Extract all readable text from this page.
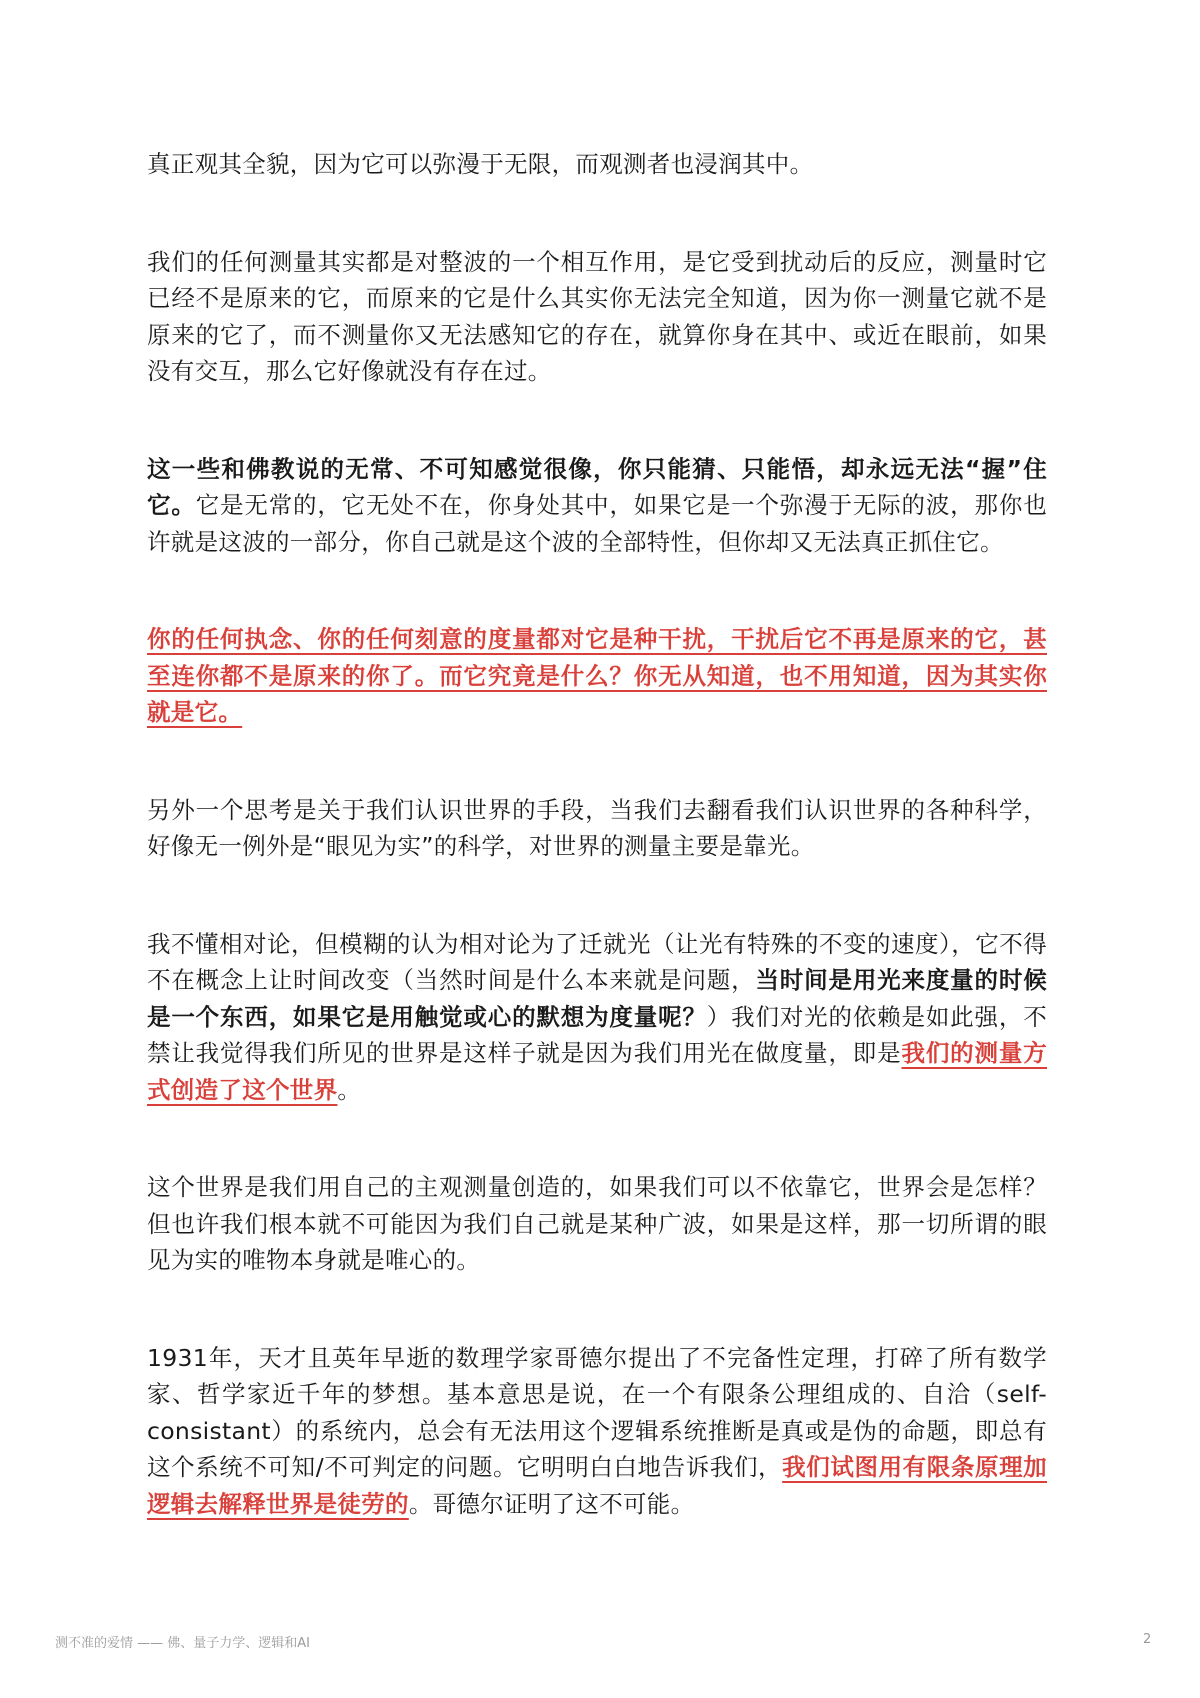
真正观其全貌，因为它可以弥漫于无限，而观测者也浸润其中。

我们的任何测量其实都是对整波的一个相互作用，是它受到扰动后的反应，测量时它已经不是原来的它，而原来的它是什么其实你无法完全知道，因为你一测量它就不是原来的它了，而不测量你又无法感知它的存在，就算你身在其中、或近在眼前，如果没有交互，那么它好像就没有存在过。

这一些和佛教说的无常、不可知感觉很像，你只能猜、只能悟，却永远无法“握”住它。它是无常的，它无处不在，你身处其中，如果它是一个弥漫于无际的波，那你也许就是这波的一部分，你自己就是这个波的全部特性，但你却又无法真正抓住它。

你的任何执念、你的任何刻意的度量都对它是种干扰，干扰后它不再是原来的它，甚至连你都不是原来的你了。而它究竟是什么？你无从知道，也不用知道，因为其实你就是它。

另外一个思考是关于我们认识世界的手段，当我们去翻看我们认识世界的各种科学，好像无一例外是“眼见为实”的科学，对世界的测量主要是靠光。

我不懂相对论，但模糊的认为相对论为了迁就光（让光有特殊的不变的速度），它不得不在概念上让时间改变（当然时间是什么本来就是问题，当时间是用光来度量的时候是一个东西，如果它是用触觉或心的默想为度量呢？）我们对光的依赖是如此强，不禁让我觉得我们所见的世界是这样子就是因为我们用光在做度量，即是我们的测量方式创造了这个世界。

这个世界是我们用自己的主观测量创造的，如果我们可以不依靠它，世界会是怎样？但也许我们根本就不可能因为我们自己就是某种广波，如果是这样，那一切所谓的眼见为实的唯物本身就是唯心的。

1931年，天才且英年早逝的数理学家哥德尔提出了不完备性定理，打碎了所有数学家、哲学家近千年的梦想。基本意思是说，在一个有限条公理组成的、自洽（self-consistant）的系统内，总会有无法用这个逻辑系统推断是真或是伪的命题，即总有这个系统不可知/不可判定的问题。它明明白白地告诉我们，我们试图用有限条原理加逻辑去解释世界是徒劳的。哥德尔证明了这不可能。

测不准的爱情 —— 佛、量子力学、逻辑和AI	2
